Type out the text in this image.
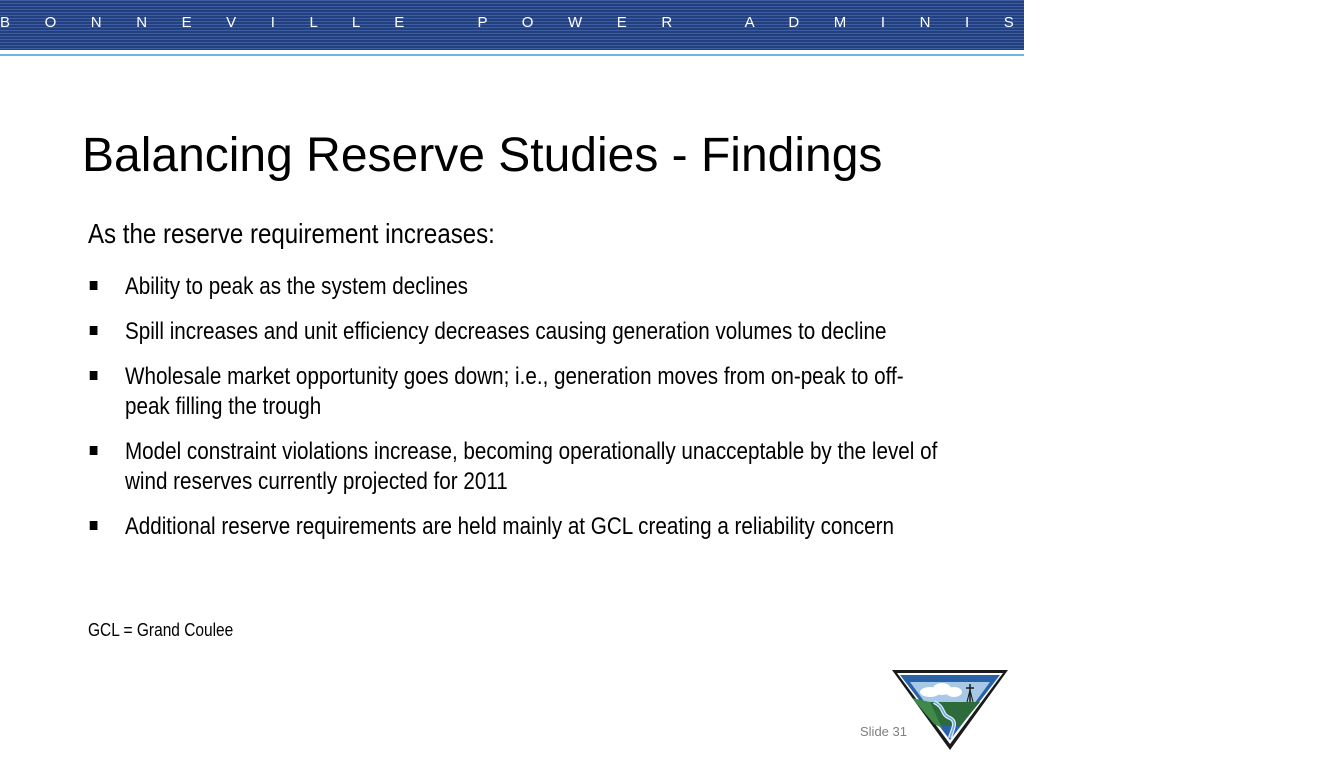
B O N N E V I L L E   P O W E R   A D M I N I S T R A T I O N
Balancing Reserve Studies - Findings
As the reserve requirement increases:
Ability to peak as the system declines
Spill increases and unit efficiency decreases causing generation volumes to decline
Wholesale market opportunity goes down; i.e., generation moves from on-peak to off-peak filling the trough
Model constraint violations increase, becoming operationally unacceptable by the level of wind reserves currently projected for 2011
Additional reserve requirements are held mainly at GCL creating a reliability concern
GCL = Grand Coulee
Slide 31
